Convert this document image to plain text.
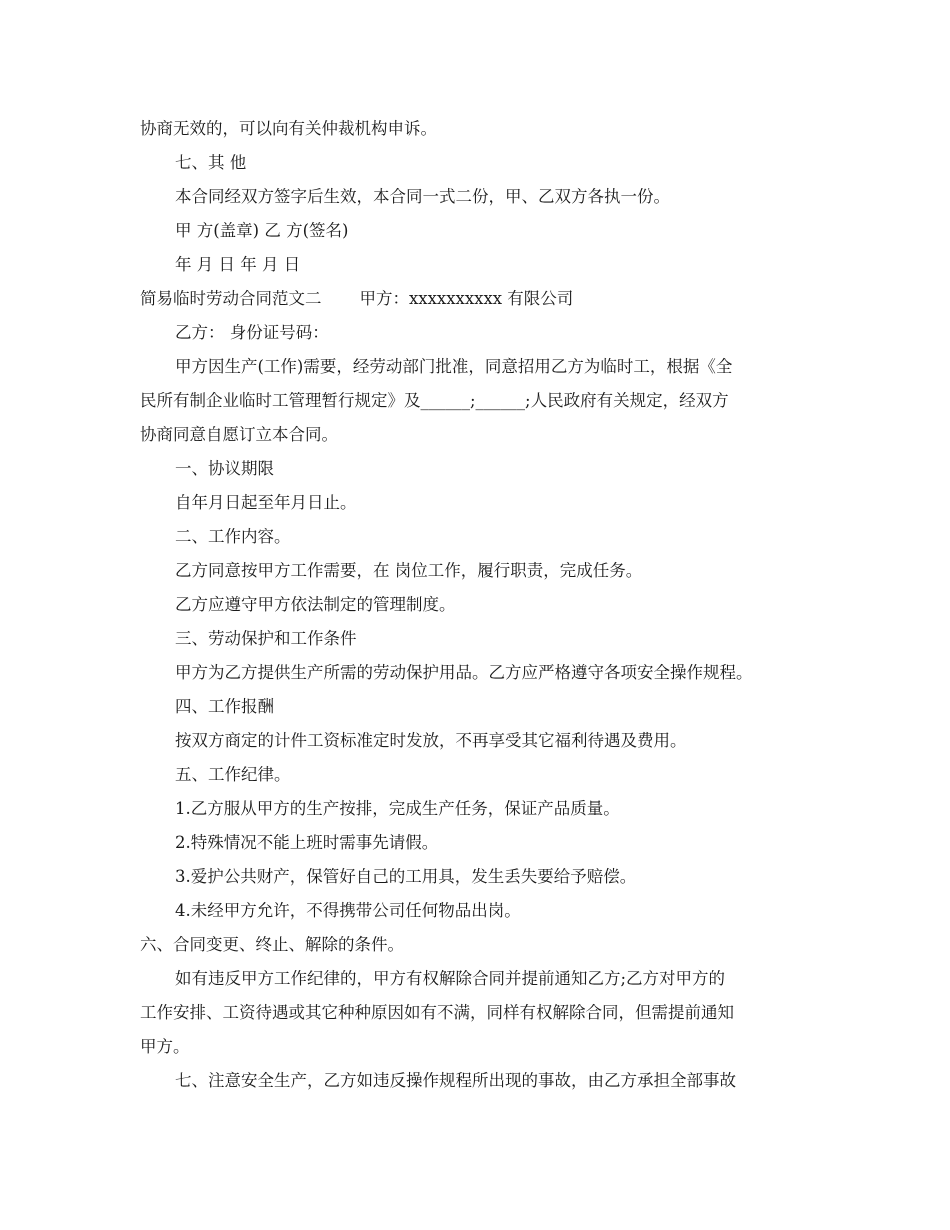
协商无效的，可以向有关仲裁机构申诉。
七、其 他
本合同经双方签字后生效，本合同一式二份，甲、乙双方各执一份。
甲 方(盖章) 乙 方(签名)
年 月 日 年 月 日
简易临时劳动合同范文二 甲方：xxxxxxxxxx 有限公司
乙方： 身份证号码：
甲方因生产(工作)需要，经劳动部门批准，同意招用乙方为临时工，根据《全
民所有制企业临时工管理暂行规定》及______;______;人民政府有关规定，经双方
协商同意自愿订立本合同。
一、协议期限
自年月日起至年月日止。
二、工作内容。
乙方同意按甲方工作需要，在 岗位工作，履行职责，完成任务。
乙方应遵守甲方依法制定的管理制度。
三、劳动保护和工作条件
甲方为乙方提供生产所需的劳动保护用品。乙方应严格遵守各项安全操作规程。
四、工作报酬
按双方商定的计件工资标准定时发放，不再享受其它福利待遇及费用。
五、工作纪律。
1.乙方服从甲方的生产按排，完成生产任务，保证产品质量。
2.特殊情况不能上班时需事先请假。
3.爱护公共财产，保管好自己的工用具，发生丢失要给予赔偿。
4.未经甲方允许，不得携带公司任何物品出岗。
六、合同变更、终止、解除的条件。
如有违反甲方工作纪律的，甲方有权解除合同并提前通知乙方;乙方对甲方的
工作安排、工资待遇或其它种种原因如有不满，同样有权解除合同，但需提前通知
甲方。
七、注意安全生产，乙方如违反操作规程所出现的事故，由乙方承担全部事故
